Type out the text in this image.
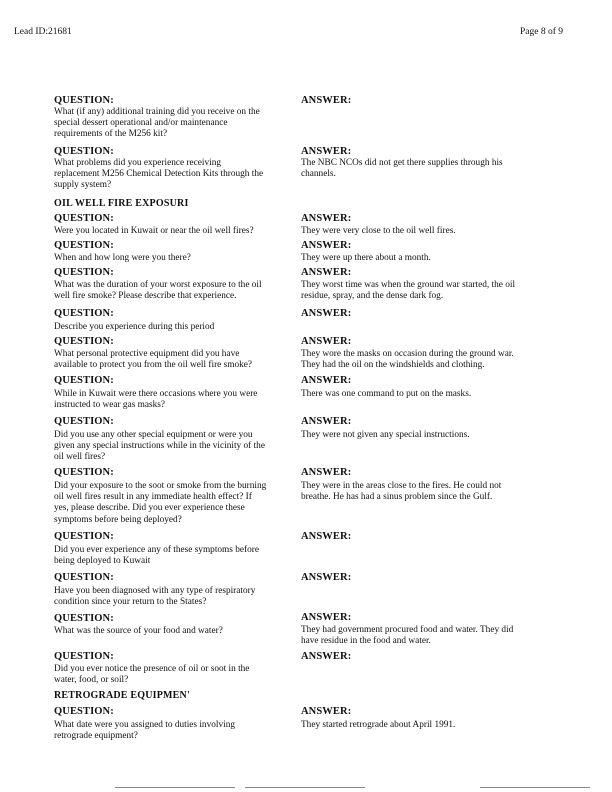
Lead ID:21681	Page 8 of 9
QUESTION:
What (if any) additional training did you receive on the
special dessert operational and/or maintenance
requirements of the M256 kit?
ANSWER:
QUESTION:
What problems did you experience receiving
replacement M256 Chemical Detection Kits through the
supply system?
ANSWER:
The NBC NCOs did not get there supplies through his
channels.
OIL WELL FIRE EXPOSURI
QUESTION:
Were you located in Kuwait or near the oil well fires?
ANSWER:
They were very close to the oil well fires.
QUESTION:
When and how long were you there?
ANSWER:
They were up there about a month.
QUESTION:
What was the duration of your worst exposure to the oil
well fire smoke? Please describe that experience.
ANSWER:
They worst time was when the ground war started, the oil
residue, spray, and the dense dark fog.
QUESTION:
Describe you experience during this period
ANSWER:
QUESTION:
What personal protective equipment did you have
available to protect you from the oil well fire smoke?
ANSWER:
They wore the masks on occasion during the ground war.
They had the oil on the windshields and clothing.
QUESTION:
While in Kuwait were there occasions where you were
instructed to wear gas masks?
ANSWER:
There was one command to put on the masks.
QUESTION:
Did you use any other special equipment or were you
given any special instructions while in the vicinity of the
oil well fires?
ANSWER:
They were not given any special instructions.
QUESTION:
Did your exposure to the soot or smoke from the burning
oil well fires result in any immediate health effect? If
yes, please describe. Did you ever experience these
symptoms before being deployed?
ANSWER:
They were in the areas close to the fires. He could not
breathe. He has had a sinus problem since the Gulf.
QUESTION:
Did you ever experience any of these symptoms before
being deployed to Kuwait
ANSWER:
QUESTION:
Have you been diagnosed with any type of respiratory
condition since your return to the States?
ANSWER:
QUESTION:
What was the source of your food and water?
ANSWER:
They had government procured food and water. They did
have residue in the food and water.
QUESTION:
Did you ever notice the presence of oil or soot in the
water, food, or soil?
ANSWER:
RETROGRADE EQUIPMEN'
QUESTION:
What date were you assigned to duties involving
retrograde equipment?
ANSWER:
They started retrograde about April 1991.
